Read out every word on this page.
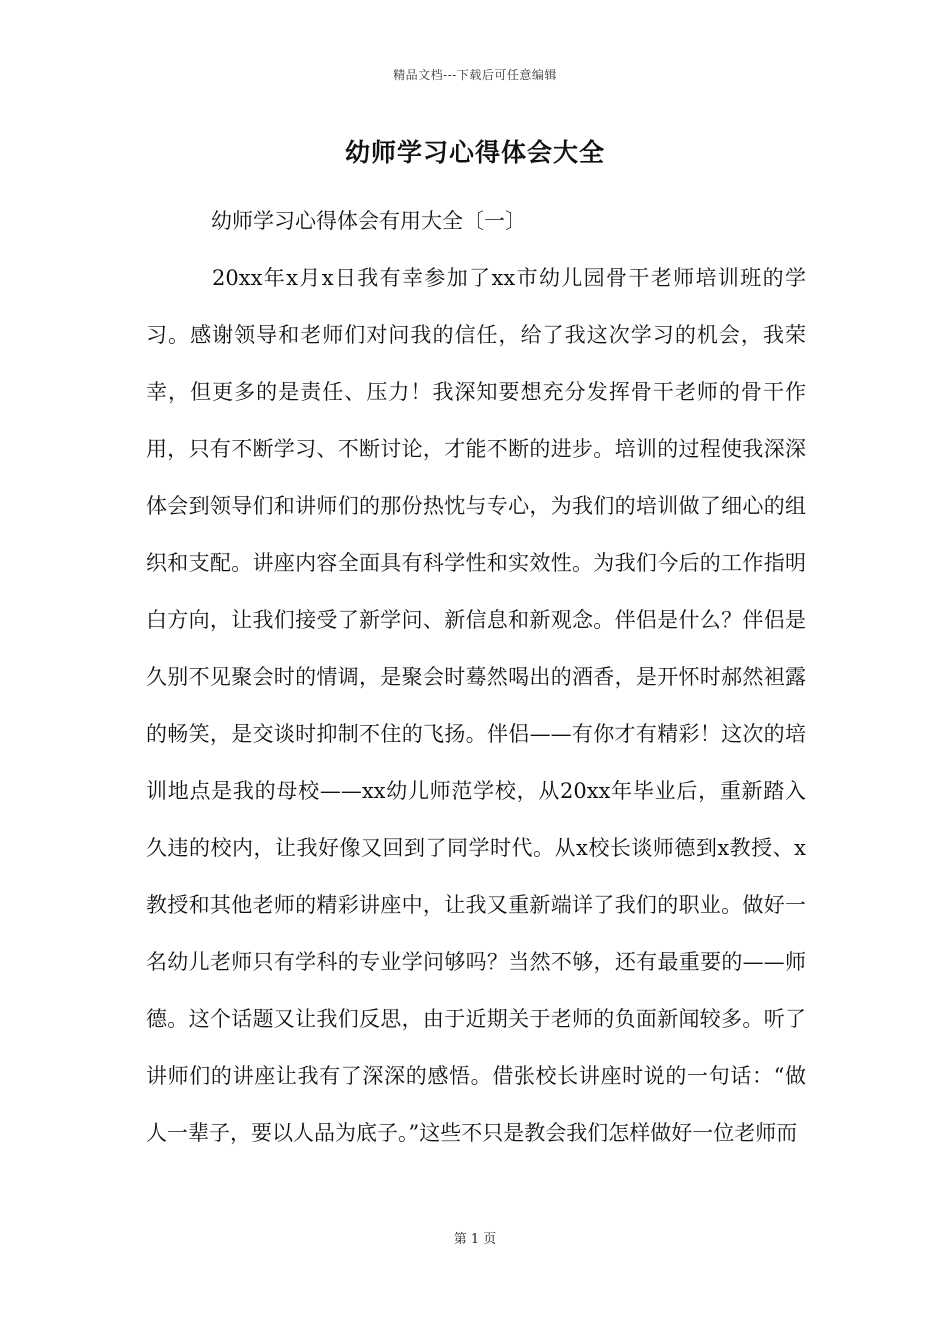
精品文档---下载后可任意编辑
幼师学习心得体会大全
幼师学习心得体会有用大全〔一〕

20xx年x月x日我有幸参加了xx市幼儿园骨干老师培训班的学习。感谢领导和老师们对问我的信任，给了我这次学习的机会，我荣幸，但更多的是责任、压力！我深知要想充分发挥骨干老师的骨干作用，只有不断学习、不断讨论，才能不断的进步。培训的过程使我深深体会到领导们和讲师们的那份热忱与专心，为我们的培训做了细心的组织和支配。讲座内容全面具有科学性和实效性。为我们今后的工作指明白方向，让我们接受了新学问、新信息和新观念。伴侣是什么？伴侣是久别不见聚会时的情调，是聚会时蓦然喝出的酒香，是开怀时郝然袒露的畅笑，是交谈时抑制不住的飞扬。伴侣——有你才有精彩！这次的培训地点是我的母校——xx幼儿师范学校，从20xx年毕业后，重新踏入久违的校内，让我好像又回到了同学时代。从x校长谈师德到x教授、x教授和其他老师的精彩讲座中，让我又重新端详了我们的职业。做好一名幼儿老师只有学科的专业学问够吗？当然不够，还有最重要的——师德。这个话题又让我们反思，由于近期关于老师的负面新闻较多。听了讲师们的讲座让我有了深深的感悟。借张校长讲座时说的一句话：“做人一辈子，要以人品为底子。”这些不只是教会我们怎样做好一位老师而

第 1 页
